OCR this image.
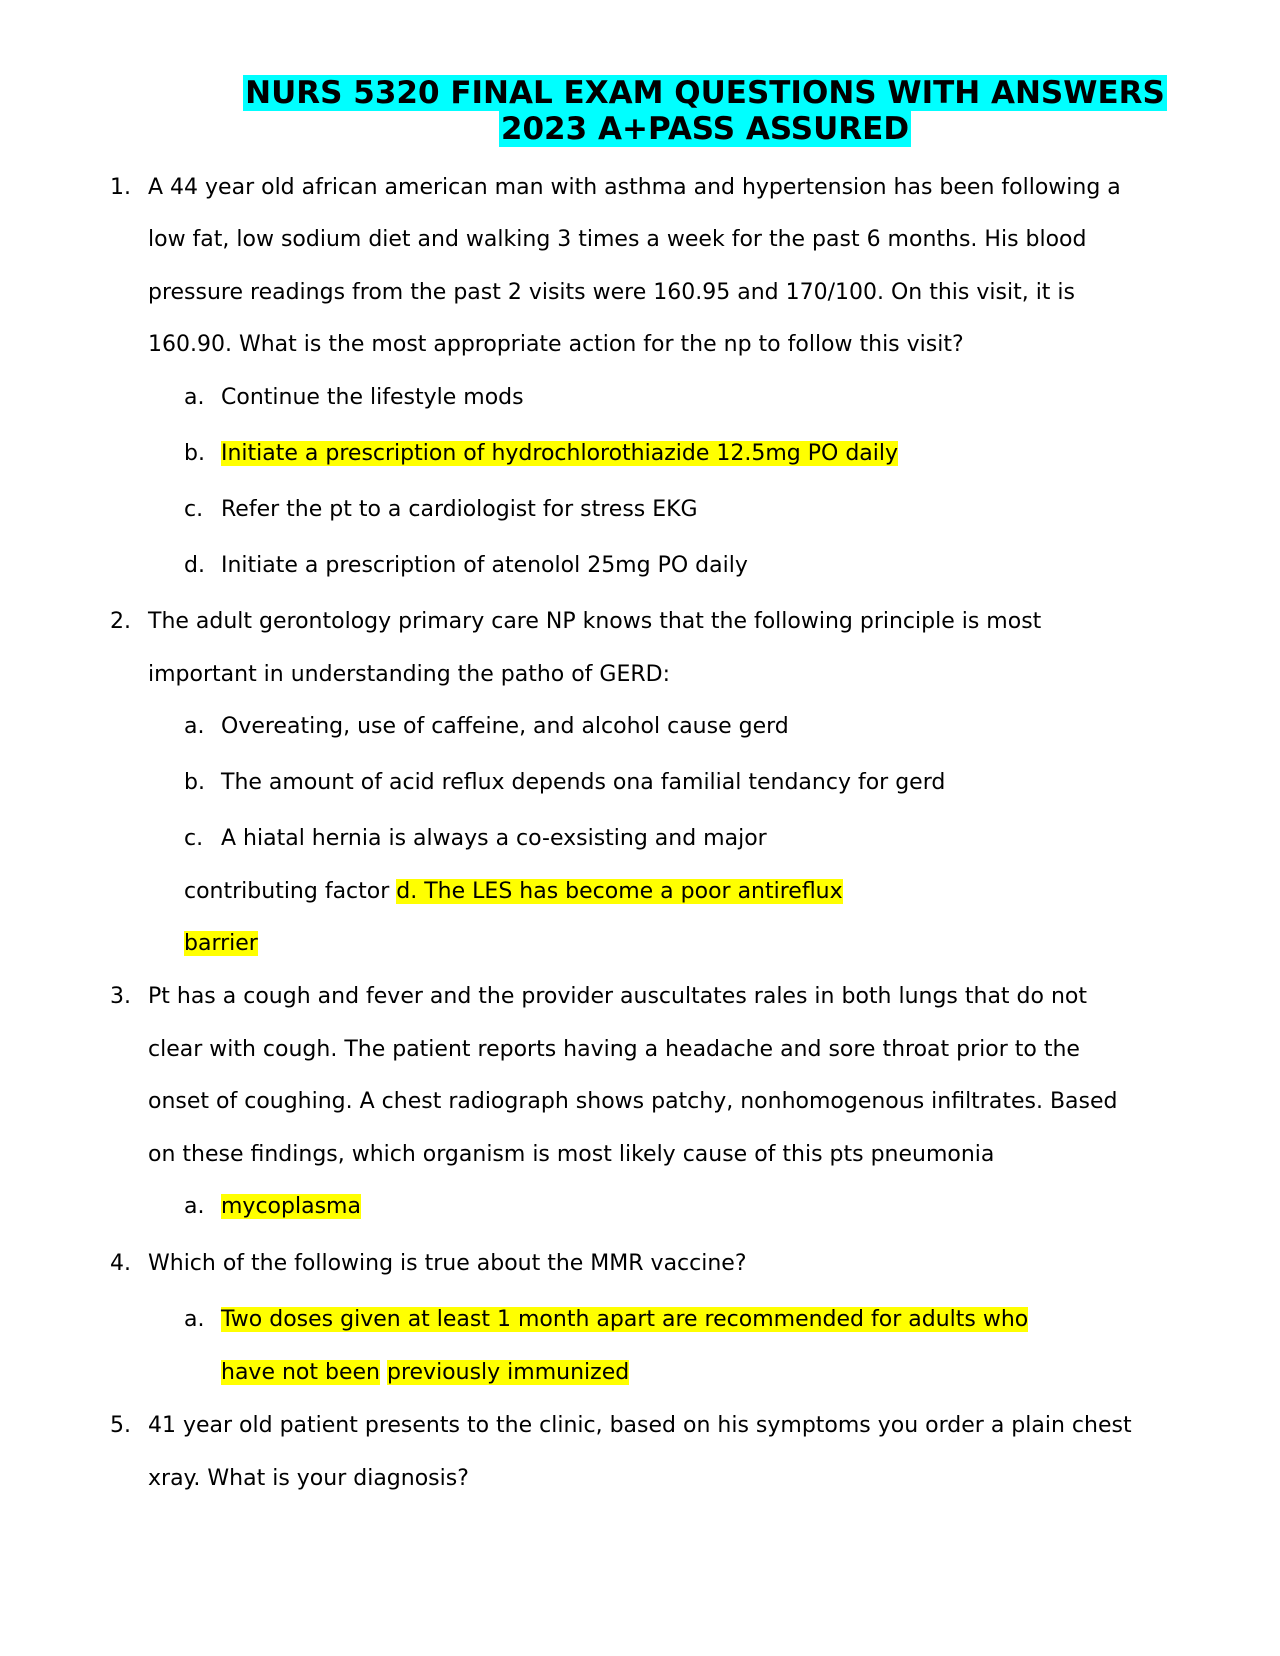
NURS 5320 FINAL EXAM QUESTIONS WITH ANSWERS
2023 A+PASS ASSURED
1. A 44 year old african american man with asthma and hypertension has been following a
low fat, low sodium diet and walking 3 times a week for the past 6 months. His blood
pressure readings from the past 2 visits were 160.95 and 170/100. On this visit, it is
160.90. What is the most appropriate action for the np to follow this visit?
a. Continue the lifestyle mods
b. Initiate a prescription of hydrochlorothiazide 12.5mg PO daily
c. Refer the pt to a cardiologist for stress EKG
d. Initiate a prescription of atenolol 25mg PO daily
2. The adult gerontology primary care NP knows that the following principle is most
important in understanding the patho of GERD:
a. Overeating, use of caffeine, and alcohol cause gerd
b. The amount of acid reflux depends ona familial tendancy for gerd
c. A hiatal hernia is always a co-exsisting and major
contributing factor d. The LES has become a poor antireflux
barrier
3. Pt has a cough and fever and the provider auscultates rales in both lungs that do not
clear with cough. The patient reports having a headache and sore throat prior to the
onset of coughing. A chest radiograph shows patchy, nonhomogenous infiltrates. Based
on these findings, which organism is most likely cause of this pts pneumonia
a. mycoplasma
4. Which of the following is true about the MMR vaccine?
a. Two doses given at least 1 month apart are recommended for adults who
have not been previously immunized
5. 41 year old patient presents to the clinic, based on his symptoms you order a plain chest
xray. What is your diagnosis?
